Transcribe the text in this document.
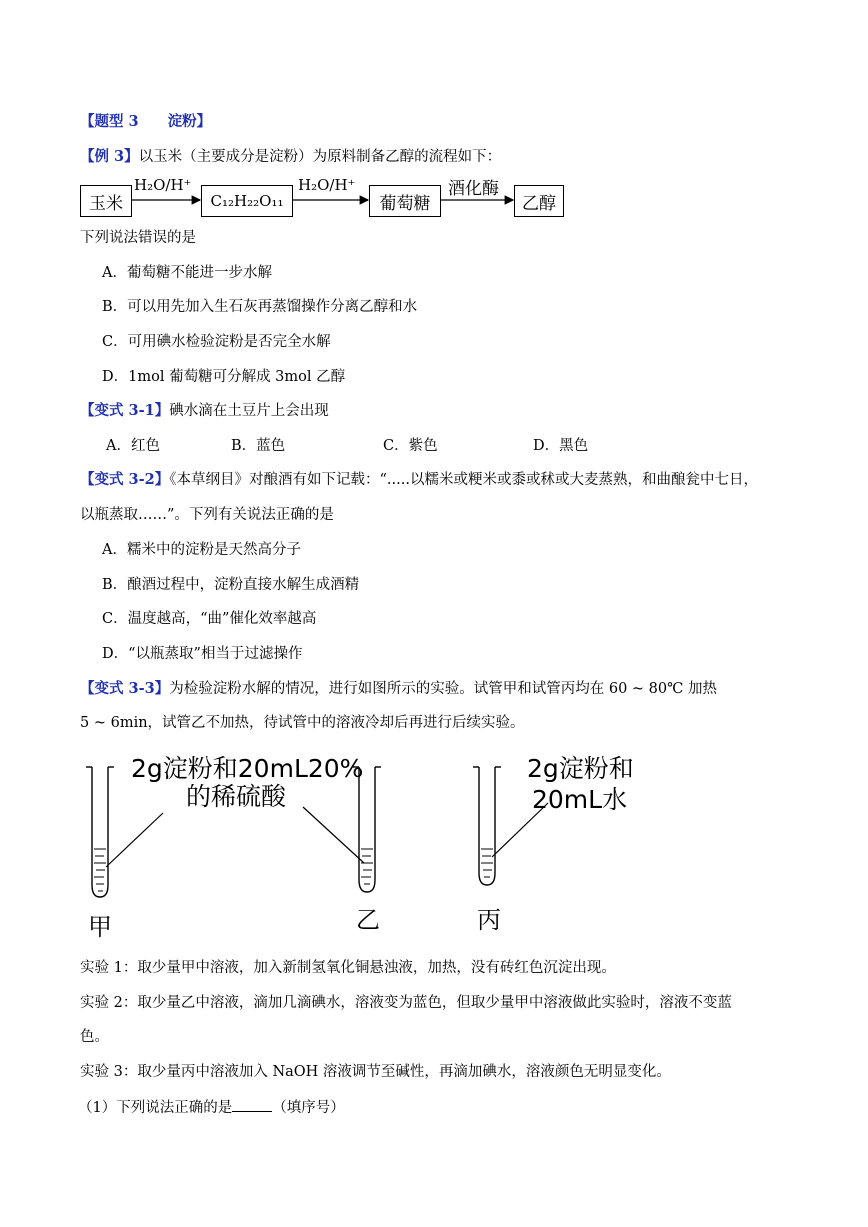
【题型 3　　淀粉】
【例 3】以玉米（主要成分是淀粉）为原料制备乙醇的流程如下：
玉米
H₂O/H⁺
C₁₂H₂₂O₁₁
H₂O/H⁺
葡萄糖
酒化酶
乙醇
下列说法错误的是
A．葡萄糖不能进一步水解
B．可以用先加入生石灰再蒸馏操作分离乙醇和水
C．可用碘水检验淀粉是否完全水解
D．1mol 葡萄糖可分解成 3mol 乙醇
【变式 3-1】碘水滴在土豆片上会出现
A．红色	B．蓝色	C．紫色	D．黑色
【变式 3-2】《本草纲目》对酿酒有如下记载：“.....以糯米或粳米或黍或秫或大麦蒸熟，和曲酿瓮中七日，
以瓶蒸取……”。下列有关说法正确的是
A．糯米中的淀粉是天然高分子
B．酿酒过程中，淀粉直接水解生成酒精
C．温度越高，“曲”催化效率越高
D．“以瓶蒸取”相当于过滤操作
【变式 3-3】为检验淀粉水解的情况，进行如图所示的实验。试管甲和试管丙均在 60 ~ 80℃ 加热
5 ~ 6min，试管乙不加热，待试管中的溶液冷却后再进行后续实验。
2g淀粉和20mL20%
的稀硫酸
2g淀粉和
20mL水
甲	乙	丙
实验 1：取少量甲中溶液，加入新制氢氧化铜悬浊液，加热，没有砖红色沉淀出现。
实验 2：取少量乙中溶液，滴加几滴碘水，溶液变为蓝色，但取少量甲中溶液做此实验时，溶液不变蓝
色。
实验 3：取少量丙中溶液加入 NaOH 溶液调节至碱性，再滴加碘水，溶液颜色无明显变化。
（1）下列说法正确的是	（填序号）
